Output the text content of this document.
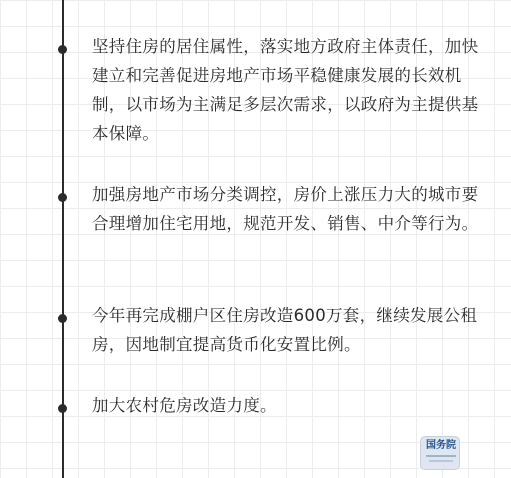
坚持住房的居住属性，落实地方政府主体责任，加快建立和完善促进房地产市场平稳健康发展的长效机制，以市场为主满足多层次需求，以政府为主提供基本保障。
加强房地产市场分类调控，房价上涨压力大的城市要合理增加住宅用地，规范开发、销售、中介等行为。
今年再完成棚户区住房改造600万套，继续发展公租房，因地制宜提高货币化安置比例。
加大农村危房改造力度。
国务院
